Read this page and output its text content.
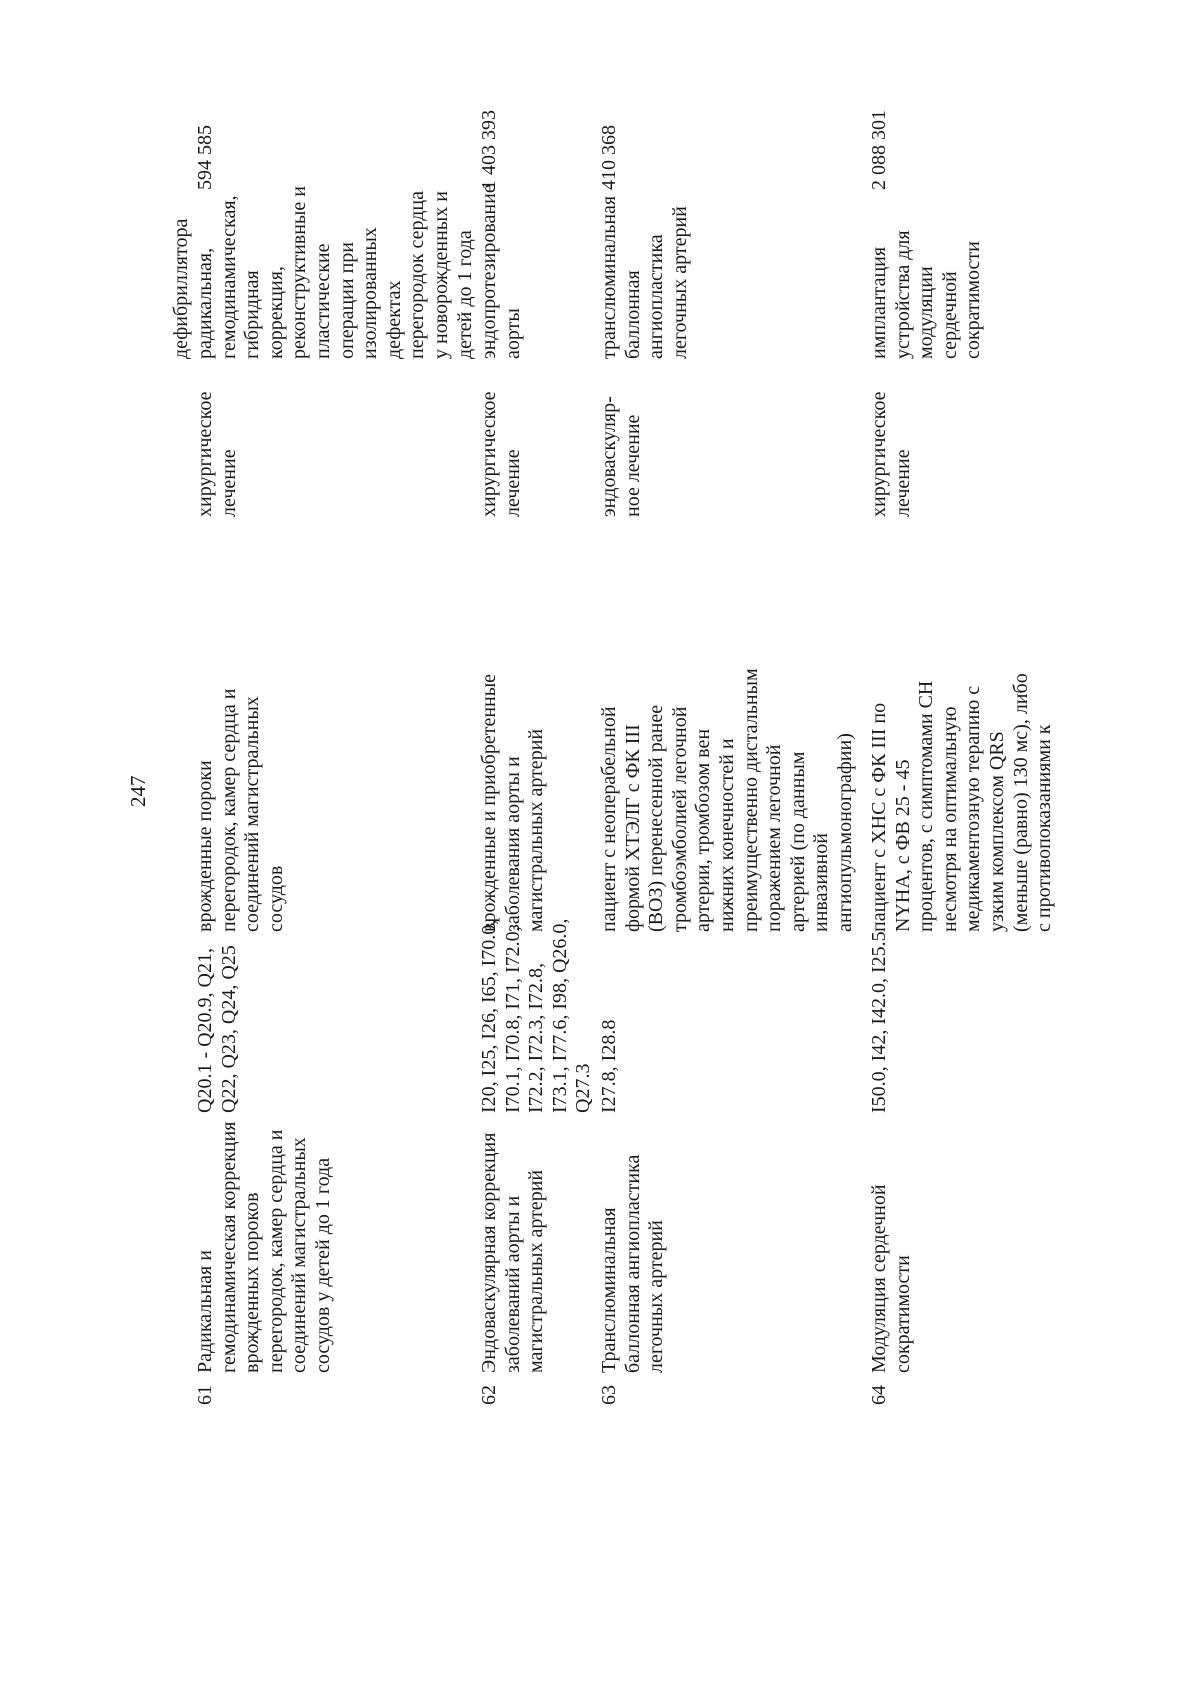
247
дефибриллятора
61
Радикальная и гемодинамическая коррекция врожденных пороков перегородок, камер сердца и соединений магистральных сосудов у детей до 1 года
Q20.1 - Q20.9, Q21, Q22, Q23, Q24, Q25
врожденные пороки перегородок, камер сердца и соединений магистральных сосудов
хирургическое лечение
радикальная, гемодинамическая, гибридная коррекция, реконструктивные и пластические операции при изолированных дефектах перегородок сердца у новорожденных и детей до 1 года
594 585
62
Эндоваскулярная коррекция заболеваний аорты и магистральных артерий
I20, I25, I26, I65, I70.0, I70.1, I70.8, I71, I72.0, I72.2, I72.3, I72.8, I73.1, I77.6, I98, Q26.0, Q27.3
врожденные и приобретенные заболевания аорты и магистральных артерий
хирургическое лечение
эндопротезирование аорты
1 403 393
63
Транслюминальная баллонная ангиопластика легочных артерий
I27.8, I28.8
пациент с неоперабельной формой ХТЭЛГ с ФК III (ВОЗ) перенесенной ранее тромбоэмболией легочной артерии, тромбозом вен нижних конечностей и преимущественно дистальным поражением легочной артерией (по данным инвазивной ангиопульмонографии)
эндоваскуляр- ное лечение
транслюминальная баллонная ангиопластика легочных артерий
410 368
64
Модуляция сердечной сократимости
I50.0, I42, I42.0, I25.5
пациент с ХНС с ФК III по NYHA, с ФВ 25 - 45 процентов, с симптомами СН несмотря на оптимальную медикаментозную терапию с узким комплексом QRS (меньше (равно) 130 мс), либо с противопоказаниями к
хирургическое лечение
имплантация устройства для модуляции сердечной сократимости
2 088 301
